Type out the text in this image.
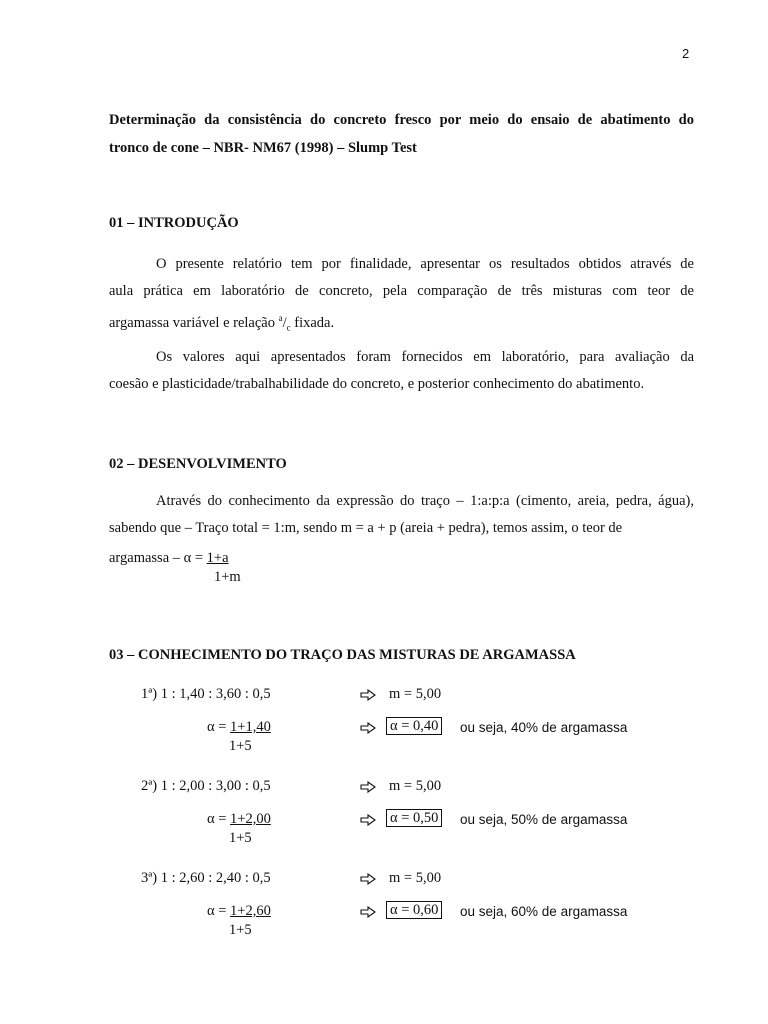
2
Determinação da consistência do concreto fresco por meio do ensaio de abatimento do
tronco de cone – NBR- NM67 (1998) – Slump Test
01 – INTRODUÇÃO
O presente relatório tem por finalidade, apresentar os resultados obtidos através de
aula prática em laboratório de concreto, pela comparação de três misturas com teor de
argamassa variável e relação $^a/_c$ fixada.
Os valores aqui apresentados foram fornecidos em laboratório, para avaliação da
coesão e plasticidade/trabalhabilidade do concreto, e posterior conhecimento do abatimento.
02 – DESENVOLVIMENTO
Através do conhecimento da expressão do traço – 1:a:p:a (cimento, areia, pedra, água),
sabendo que – Traço total = 1:m, sendo m = a + p (areia + pedra), temos assim, o teor de
argamassa – α = 1+a
1+m
03 – CONHECIMENTO DO TRAÇO DAS MISTURAS DE ARGAMASSA
1ª) 1 : 1,40 : 3,60 : 0,5	m = 5,00
α = 1+1,40
1+5
α = 0,40 ou seja, 40% de argamassa
2ª) 1 : 2,00 : 3,00 : 0,5	m = 5,00
α = 1+2,00
1+5
α = 0,50 ou seja, 50% de argamassa
3ª) 1 : 2,60 : 2,40 : 0,5	m = 5,00
α = 1+2,60
1+5
α = 0,60 ou seja, 60% de argamassa
